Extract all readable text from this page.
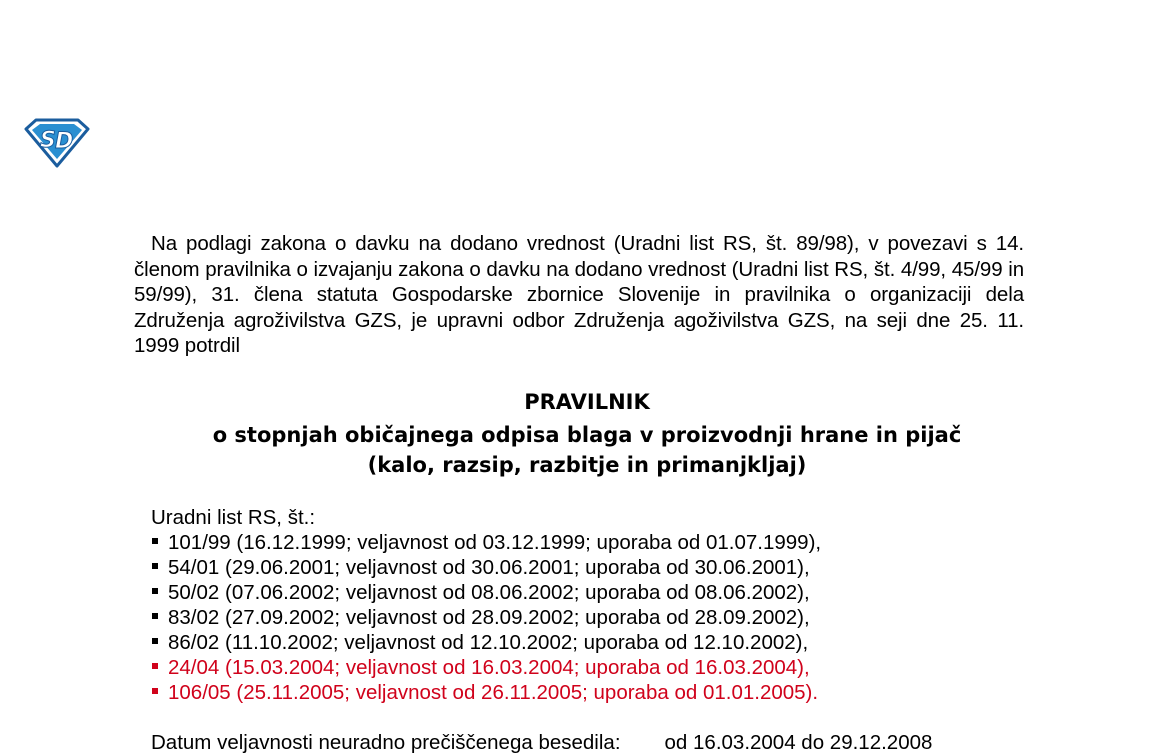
S D

Na podlagi zakona o davku na dodano vrednost (Uradni list RS, št. 89/98), v povezavi s 14. členom pravilnika o izvajanju zakona o davku na dodano vrednost (Uradni list RS, št. 4/99, 45/99 in 59/99), 31. člena statuta Gospodarske zbornice Slovenije in pravilnika o organizaciji dela Združenja agroživilstva GZS, je upravni odbor Združenja agoživilstva GZS, na seji dne 25. 11. 1999 potrdil

PRAVILNIK
o stopnjah običajnega odpisa blaga v proizvodnji hrane in pijač
(kalo, razsip, razbitje in primanjkljaj)
Uradni list RS, št.:
101/99 (16.12.1999; veljavnost od 03.12.1999; uporaba od 01.07.1999),
54/01 (29.06.2001; veljavnost od 30.06.2001; uporaba od 30.06.2001),
50/02 (07.06.2002; veljavnost od 08.06.2002; uporaba od 08.06.2002),
83/02 (27.09.2002; veljavnost od 28.09.2002; uporaba od 28.09.2002),
86/02 (11.10.2002; veljavnost od 12.10.2002; uporaba od 12.10.2002),
24/04 (15.03.2004; veljavnost od 16.03.2004; uporaba od 16.03.2004),
106/05 (25.11.2005; veljavnost od 26.11.2005; uporaba od 01.01.2005).
Datum veljavnosti neuradno prečiščenega besedila: od 16.03.2004 do 29.12.2008
